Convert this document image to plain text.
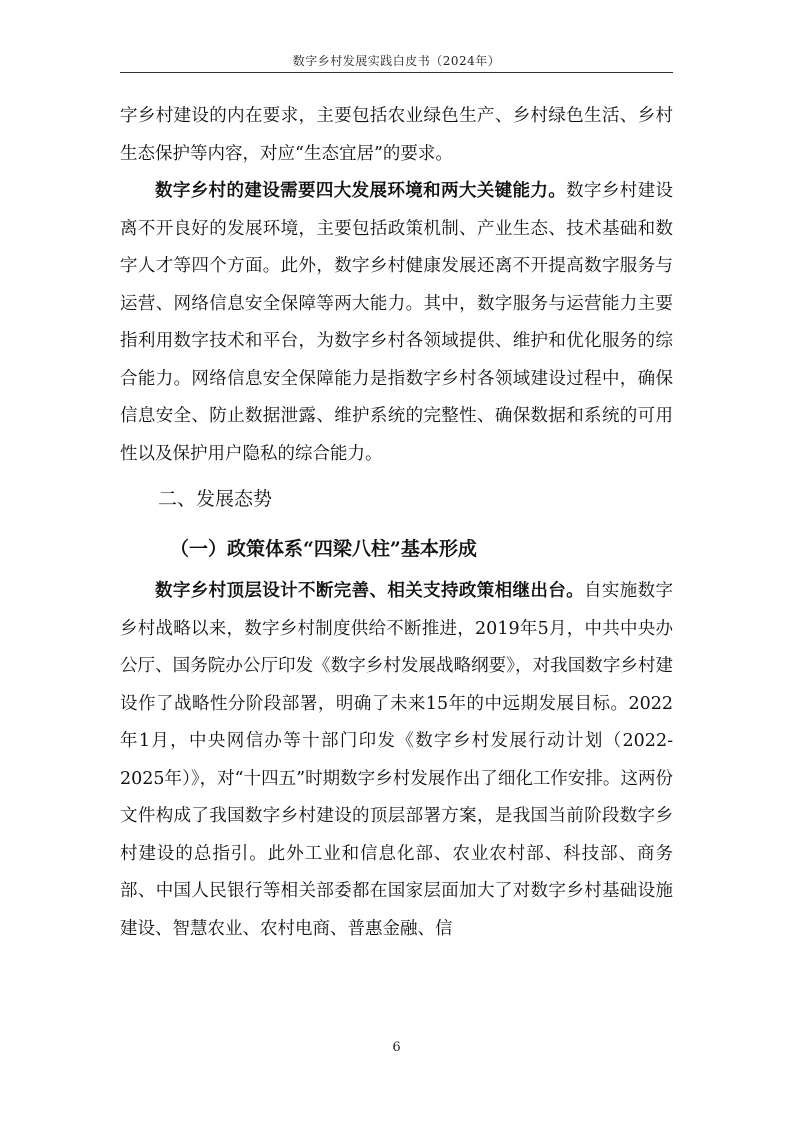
数字乡村发展实践白皮书（2024年）

字乡村建设的内在要求，主要包括农业绿色生产、乡村绿色生活、乡村生态保护等内容，对应“生态宜居”的要求。

数字乡村的建设需要四大发展环境和两大关键能力。数字乡村建设离不开良好的发展环境，主要包括政策机制、产业生态、技术基础和数字人才等四个方面。此外，数字乡村健康发展还离不开提高数字服务与运营、网络信息安全保障等两大能力。其中，数字服务与运营能力主要指利用数字技术和平台，为数字乡村各领域提供、维护和优化服务的综合能力。网络信息安全保障能力是指数字乡村各领域建设过程中，确保信息安全、防止数据泄露、维护系统的完整性、确保数据和系统的可用性以及保护用户隐私的综合能力。

二、发展态势
（一）政策体系“四梁八柱”基本形成

数字乡村顶层设计不断完善、相关支持政策相继出台。自实施数字乡村战略以来，数字乡村制度供给不断推进，2019年5月，中共中央办公厅、国务院办公厅印发《数字乡村发展战略纲要》，对我国数字乡村建设作了战略性分阶段部署，明确了未来15年的中远期发展目标。2022年1月，中央网信办等十部门印发《数字乡村发展行动计划（2022-2025年）》，对“十四五”时期数字乡村发展作出了细化工作安排。这两份文件构成了我国数字乡村建设的顶层部署方案，是我国当前阶段数字乡村建设的总指引。此外工业和信息化部、农业农村部、科技部、商务部、中国人民银行等相关部委都在国家层面加大了对数字乡村基础设施建设、智慧农业、农村电商、普惠金融、信

6
